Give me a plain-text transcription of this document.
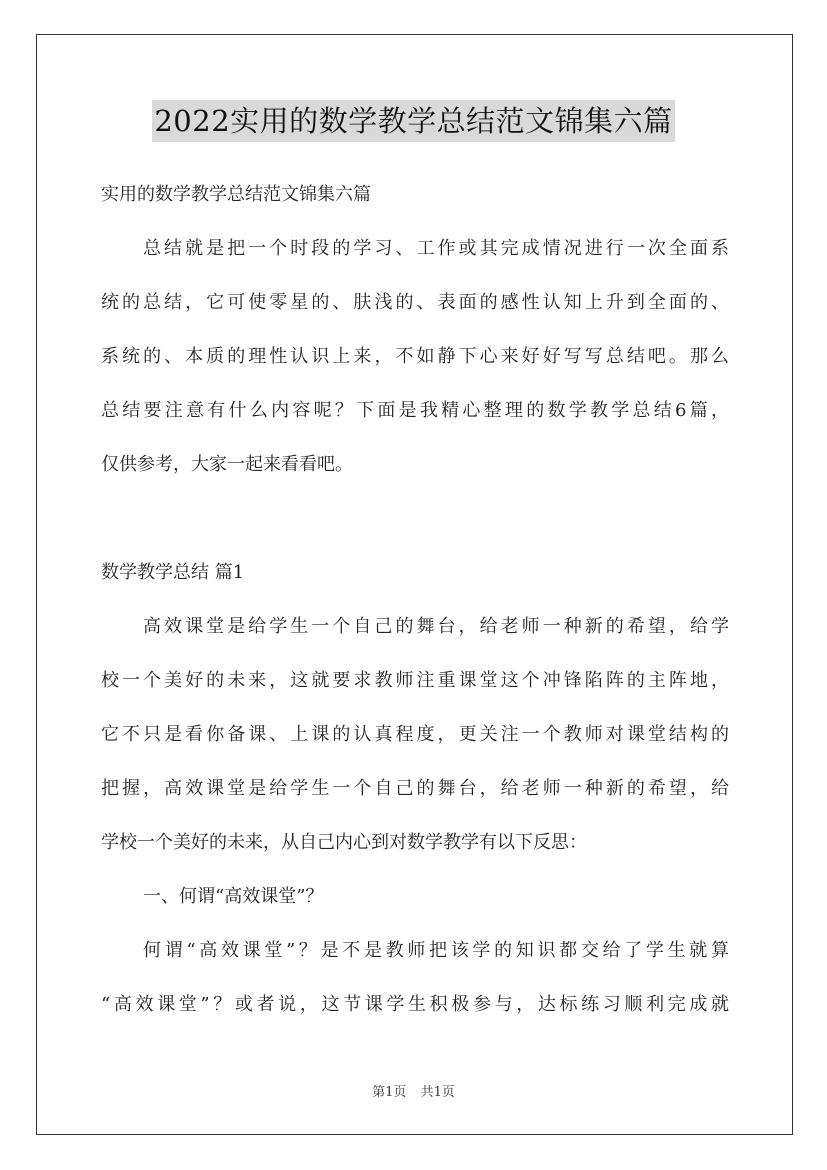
2022实用的数学教学总结范文锦集六篇
实用的数学教学总结范文锦集六篇
总结就是把一个时段的学习、工作或其完成情况进行一次全面系
统的总结，它可使零星的、肤浅的、表面的感性认知上升到全面的、
系统的、本质的理性认识上来，不如静下心来好好写写总结吧。那么
总结要注意有什么内容呢？下面是我精心整理的数学教学总结6篇，
仅供参考，大家一起来看看吧。
数学教学总结 篇1
高效课堂是给学生一个自己的舞台，给老师一种新的希望，给学
校一个美好的未来，这就要求教师注重课堂这个冲锋陷阵的主阵地，
它不只是看你备课、上课的认真程度，更关注一个教师对课堂结构的
把握，高效课堂是给学生一个自己的舞台，给老师一种新的希望，给
学校一个美好的未来，从自己内心到对数学教学有以下反思：
一、何谓“高效课堂”？
何谓“高效课堂”？是不是教师把该学的知识都交给了学生就算
“高效课堂”？或者说，这节课学生积极参与，达标练习顺利完成就
第1页 共1页
